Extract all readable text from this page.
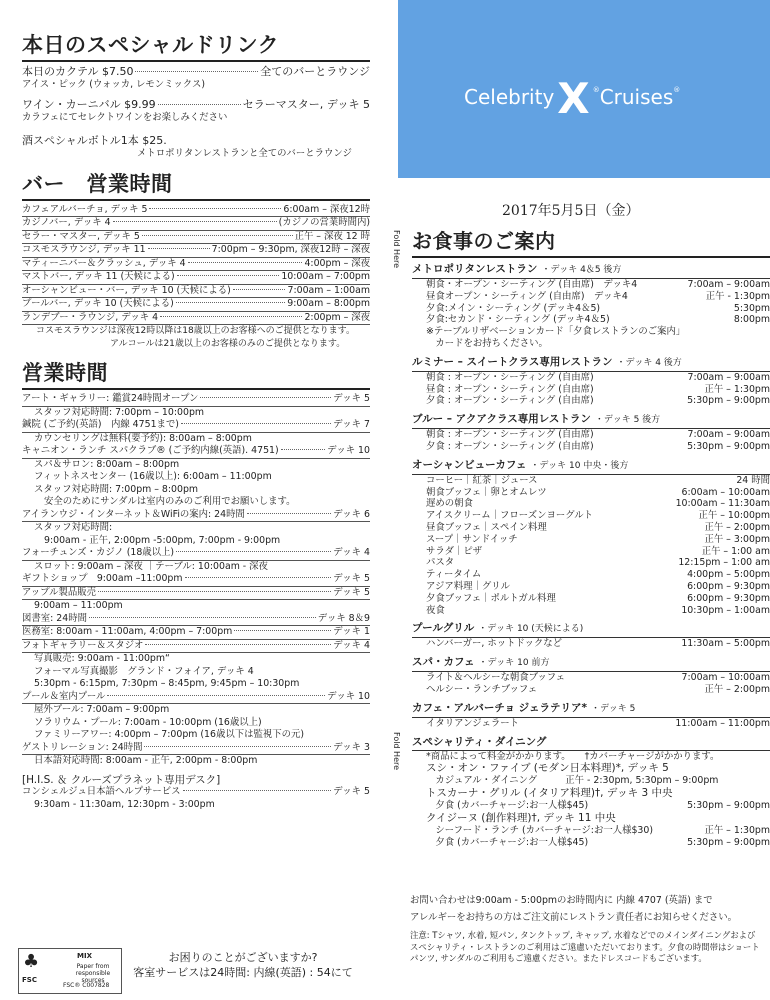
本日のスペシャルドリンク
本日のカクテル $7.50	全てのバーとラウンジ
アイス・ピック (ウォッカ, レモンミックス)
ワイン・カーニバル $9.99	セラーマスター, デッキ 5
カラフェにてセレクトワインをお楽しみください
酒スペシャルボトル1本 $25.
メトロポリタンレストランと全てのバーとラウンジ
バー　営業時間
カフェアルバーチョ, デッキ 5	6:00am – 深夜12時
カジノバー, デッキ 4	(カジノの営業時間内)
セラー・マスター, デッキ 5	正午 – 深夜 12 時
コスモスラウンジ, デッキ 11	7:00pm – 9:30pm, 深夜12時 – 深夜
マティーニバー＆クラッシュ, デッキ 4	4:00pm – 深夜
マストバー, デッキ 11 (天候による)	10:00am – 7:00pm
オーシャンビュー・バー, デッキ 10 (天候による)	7:00am – 1:00am
プールバー, デッキ 10 (天候による)	9:00am – 8:00pm
ランデブー・ラウンジ, デッキ 4	2:00pm – 深夜
コスモスラウンジは深夜12時以降は18歳以上のお客様へのご提供となります。
アルコールは21歳以上のお客様のみのご提供となります。
営業時間
アート・ギャラリー: 鑑賞24時間オープン	デッキ 5
スタッフ対応時間: 7:00pm – 10:00pm
鍼院 (ご予約(英語)　内線 4751まで)	デッキ 7
カウンセリングは無料(要予約): 8:00am – 8:00pm
キャニオン・ランチ スパクラブ® (ご予約内線(英語). 4751)	デッキ 10
スパ＆サロン: 8:00am – 8:00pm
フィットネスセンター (16歳以上): 6:00am – 11:00pm
スタッフ対応時間: 7:00pm – 8:00pm
安全のためにサンダルは室内のみのご利用でお願いします。
アイランウジ・インターネット＆WiFiの案内: 24時間	デッキ 6
スタッフ対応時間:
9:00am - 正午, 2:00pm -5:00pm, 7:00pm - 9:00pm
フォーチュンズ・カジノ (18歳以上)	デッキ 4
スロット: 9:00am – 深夜 ｜テーブル: 10:00am - 深夜
ギフトショップ　9:00am –11:00pm	デッキ 5
アップル製品販売	デッキ 5
9:00am – 11:00pm
図書室: 24時間	デッキ 8＆9
医務室: 8:00am - 11:00am, 4:00pm – 7:00pm	デッキ 1
フォトギャラリー＆スタジオ	デッキ 4
写真販売: 9:00am - 11:00pm“
フォーマル写真撮影　グランド・フォイア, デッキ 4
5:30pm - 6:15pm, 7:30pm – 8:45pm, 9:45pm – 10:30pm
プール＆室内プール	デッキ 10
屋外プール: 7:00am – 9:00pm
ソラリウム・プール: 7:00am - 10:00pm (16歳以上)
ファミリーアワー: 4:00pm – 7:00pm (16歳以下は監視下の元)
ゲストリレーション: 24時間	デッキ 3
日本語対応時間: 8:00am - 正午, 2:00pm - 8:00pm
[H.I.S. ＆ クルーズプラネット専用デスク]
コンシェルジュ日本語ヘルプサービス	デッキ 5
9:30am - 11:30am, 12:30pm - 3:00pm
♣
FSC
MIX
Paper from responsible sources
FSC® C007828
お困りのことがございますか?
客室サービスは24時間: 内線(英語) : 54にて
CelebrityX ®Cruises®
2017年5月5日（金）
お食事のご案内
メトロポリタンレストラン ・デッキ 4＆5 後方
朝食・オープン・シーティング (自由席)　デッキ4	7:00am – 9:00am
昼食オープン・シーティング (自由席)　デッキ4	正午 - 1:30pm
夕食:メイン・シーティング (デッキ4＆5)	5:30pm
夕食:セカンド・シーティング (デッキ4＆5)	8:00pm
※テーブルリザベーションカード「夕食レストランのご案内」
　カードをお持ちください。
ルミナー – スイートクラス専用レストラン ・デッキ 4 後方
朝食 : オープン・シーティング (自由席)	7:00am – 9:00am
昼食 : オープン・シーティング (自由席)	正午 – 1:30pm
夕食 : オープン・シーティング (自由席)	5:30pm – 9:00pm
ブルー – アクアクラス専用レストラン ・デッキ 5 後方
朝食 : オープン・シーティング (自由席)	7:00am – 9:00am
夕食 : オープン・シーティング (自由席)	5:30pm – 9:00pm
オーシャンビューカフェ ・デッキ 10 中央・後方
コーヒー｜紅茶｜ジュース	24 時間
朝食ブッフェ｜卵とオムレツ	6:00am – 10:00am
遅めの朝食	10:00am – 11:30am
アイスクリーム｜フローズンヨーグルト	正午 – 10:00pm
昼食ブッフェ｜スペイン料理	正午 – 2:00pm
スープ｜サンドイッチ	正午 – 3:00pm
サラダ｜ピザ	正午 – 1:00 am
パスタ	12:15pm – 1:00 am
ティータイム	4:00pm – 5:00pm
アジア料理｜グリル	6:00pm – 9:30pm
夕食ブッフェ｜ポルトガル料理	6:00pm – 9:30pm
夜食	10:30pm – 1:00am
プールグリル ・デッキ 10 (天候による)
ハンバーガー, ホットドックなど	11:30am – 5:00pm
スパ・カフェ ・デッキ 10 前方
ライト＆ヘルシーな朝食ブッフェ	7:00am – 10:00am
ヘルシー・ランチブッフェ	正午 – 2:00pm
カフェ・アルバーチョ ジェラテリア* ・デッキ 5
イタリアンジェラート	11:00am – 11:00pm
スペシャリティ・ダイニング
*商品によって料金がかかります。　　†カバーチャージがかかります。
スシ・オン・ファイブ (モダン日本料理)*, デッキ 5
　カジュアル・ダイニング　　　正午 - 2:30pm, 5:30pm – 9:00pm
トスカーナ・グリル (イタリア料理)†, デッキ 3 中央
　夕食 (カバーチャージ:お一人様$45)	5:30pm – 9:00pm
クイジーヌ (創作料理)†, デッキ 11 中央
　シーフード・ランチ (カバーチャージ:お一人様$30)	正午 – 1:30pm
　夕食 (カバーチャージ:お一人様$45)	5:30pm – 9:00pm
お問い合わせは9:00am - 5:00pmのお時間内に 内線 4707 (英語) まで
アレルギーをお持ちの方はご注文前にレストラン責任者にお知らせください。
注意: Tシャツ, 水着, 短パン, タンクトップ, キャップ, 水着などでのメインダイニングおよびスペシャリティ・レストランのご利用はご遠慮いただいております。夕食の時間帯はショートパンツ, サンダルのご利用もご遠慮ください。またドレスコードもございます。
Fold Here
Fold Here
